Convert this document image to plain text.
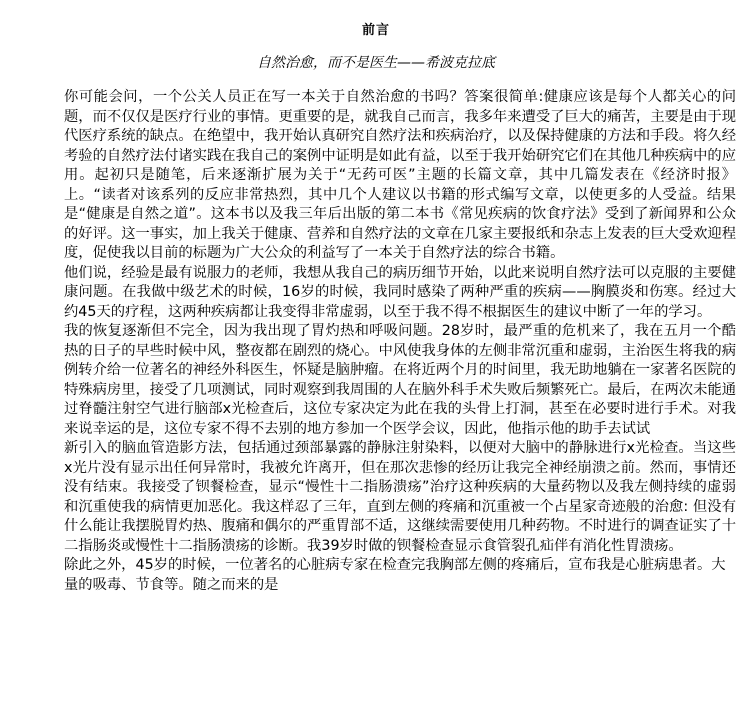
前言
自然治愈，而不是医生——希波克拉底

你可能会问，一个公关人员正在写一本关于自然治愈的书吗？答案很简单:健康应该是每个人都关心的问题，而不仅仅是医疗行业的事情。更重要的是，就我自己而言，我多年来遭受了巨大的痛苦，主要是由于现代医疗系统的缺点。在绝望中，我开始认真研究自然疗法和疾病治疗，以及保持健康的方法和手段。将久经考验的自然疗法付诸实践在我自己的案例中证明是如此有益，以至于我开始研究它们在其他几种疾病中的应用。起初只是随笔，后来逐渐扩展为关于“无药可医”主题的长篇文章，其中几篇发表在《经济时报》上。“读者对该系列的反应非常热烈，其中几个人建议以书籍的形式编写文章，以使更多的人受益。结果是“健康是自然之道”。这本书以及我三年后出版的第二本书《常见疾病的饮食疗法》受到了新闻界和公众的好评。这一事实，加上我关于健康、营养和自然疗法的文章在几家主要报纸和杂志上发表的巨大受欢迎程度，促使我以目前的标题为广大公众的利益写了一本关于自然疗法的综合书籍。

他们说，经验是最有说服力的老师，我想从我自己的病历细节开始，以此来说明自然疗法可以克服的主要健康问题。在我做中级艺术的时候，16岁的时候，我同时感染了两种严重的疾病——胸膜炎和伤寒。经过大约45天的疗程，这两种疾病都让我变得非常虚弱，以至于我不得不根据医生的建议中断了一年的学习。

我的恢复逐渐但不完全，因为我出现了胃灼热和呼吸问题。28岁时，最严重的危机来了，我在五月一个酷热的日子的早些时候中风，整夜都在剧烈的烧心。中风使我身体的左侧非常沉重和虚弱，主治医生将我的病例转介给一位著名的神经外科医生，怀疑是脑肿瘤。在将近两个月的时间里，我无助地躺在一家著名医院的特殊病房里，接受了几项测试，同时观察到我周围的人在脑外科手术失败后频繁死亡。最后，在两次未能通过脊髓注射空气进行脑部x光检查后，这位专家决定为此在我的头骨上打洞，甚至在必要时进行手术。对我来说幸运的是，这位专家不得不去别的地方参加一个医学会议，因此，他指示他的助手去试试

新引入的脑血管造影方法，包括通过颈部暴露的静脉注射染料，以便对大脑中的静脉进行x光检查。当这些x光片没有显示出任何异常时，我被允许离开，但在那次悲惨的经历让我完全神经崩溃之前。然而，事情还没有结束。我接受了钡餐检查，显示“慢性十二指肠溃疡”治疗这种疾病的大量药物以及我左侧持续的虚弱和沉重使我的病情更加恶化。我这样忍了三年，直到左侧的疼痛和沉重被一个占星家奇迹般的治愈: 但没有什么能让我摆脱胃灼热、腹痛和偶尔的严重胃部不适，这继续需要使用几种药物。不时进行的调查证实了十二指肠炎或慢性十二指肠溃疡的诊断。我39岁时做的钡餐检查显示食管裂孔疝伴有消化性胃溃疡。

除此之外，45岁的时候，一位著名的心脏病专家在检查完我胸部左侧的疼痛后，宣布我是心脏病患者。大量的吸毒、节食等。随之而来的是
